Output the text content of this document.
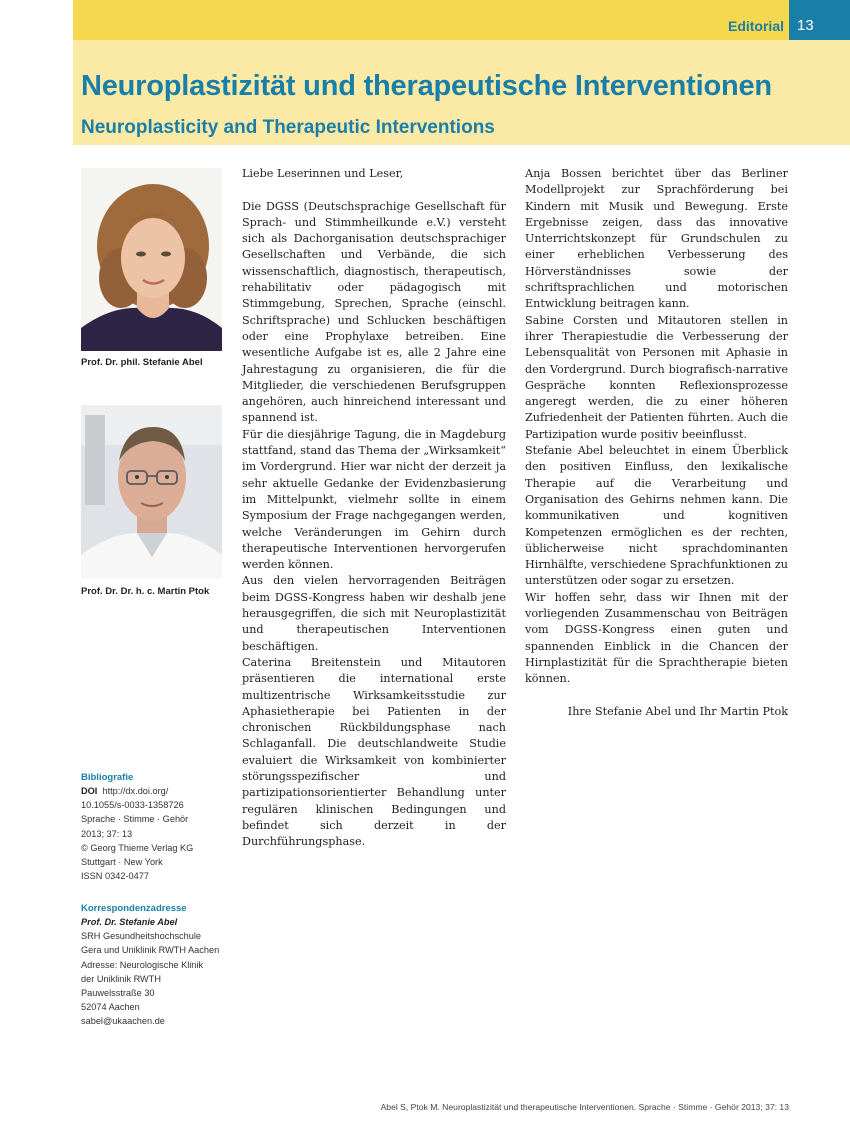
Editorial 13
Neuroplastizität und therapeutische Interventionen
Neuroplasticity and Therapeutic Interventions
Prof. Dr. phil. Stefanie Abel
Prof. Dr. Dr. h. c. Martin Ptok

Liebe Leserinnen und Leser,

Die DGSS (Deutschsprachige Gesellschaft für Sprach- und Stimmheilkunde e.V.) versteht sich als Dachorganisation deutschsprachiger Gesellschaften und Verbände, die sich wissenschaftlich, diagnostisch, therapeutisch, rehabilitativ oder pädagogisch mit Stimmgebung, Sprechen, Sprache (einschl. Schriftsprache) und Schlucken beschäftigen oder eine Prophylaxe betreiben. Eine wesentliche Aufgabe ist es, alle 2 Jahre eine Jahrestagung zu organisieren, die für die Mitglieder, die verschiedenen Berufsgruppen angehören, auch hinreichend interessant und spannend ist.

Für die diesjährige Tagung, die in Magdeburg stattfand, stand das Thema der „Wirksamkeit“ im Vordergrund. Hier war nicht der derzeit ja sehr aktuelle Gedanke der Evidenzbasierung im Mittelpunkt, vielmehr sollte in einem Symposium der Frage nachgegangen werden, welche Veränderungen im Gehirn durch therapeutische Interventionen hervorgerufen werden können.

Aus den vielen hervorragenden Beiträgen beim DGSS-Kongress haben wir deshalb jene herausgegriffen, die sich mit Neuroplastizität und therapeutischen Interventionen beschäftigen.

Caterina Breitenstein und Mitautoren präsentieren die international erste multizentrische Wirksamkeitsstudie zur Aphasietherapie bei Patienten in der chronischen Rückbildungsphase nach Schlaganfall. Die deutschlandweite Studie evaluiert die Wirksamkeit von kombinierter störungsspezifischer und partizipationsorientierter Behandlung unter regulären klinischen Bedingungen und befindet sich derzeit in der Durchführungsphase.

Anja Bossen berichtet über das Berliner Modellprojekt zur Sprachförderung bei Kindern mit Musik und Bewegung. Erste Ergebnisse zeigen, dass das innovative Unterrichtskonzept für Grundschulen zu einer erheblichen Verbesserung des Hörverständnisses sowie der schriftsprachlichen und motorischen Entwicklung beitragen kann.

Sabine Corsten und Mitautoren stellen in ihrer Therapiestudie die Verbesserung der Lebensqualität von Personen mit Aphasie in den Vordergrund. Durch biografisch-narrative Gespräche konnten Reflexionsprozesse angeregt werden, die zu einer höheren Zufriedenheit der Patienten führten. Auch die Partizipation wurde positiv beeinflusst.

Stefanie Abel beleuchtet in einem Überblick den positiven Einfluss, den lexikalische Therapie auf die Verarbeitung und Organisation des Gehirns nehmen kann. Die kommunikativen und kognitiven Kompetenzen ermöglichen es der rechten, üblicherweise nicht sprachdominanten Hirnhälfte, verschiedene Sprachfunktionen zu unterstützen oder sogar zu ersetzen.

Wir hoffen sehr, dass wir Ihnen mit der vorliegenden Zusammenschau von Beiträgen vom DGSS-Kongress einen guten und spannenden Einblick in die Chancen der Hirnplastizität für die Sprachtherapie bieten können.

Ihre Stefanie Abel und Ihr Martin Ptok

Bibliografie
DOI http://dx.doi.org/
10.1055/s-0033-1358726
Sprache · Stimme · Gehör
2013; 37: 13
© Georg Thieme Verlag KG
Stuttgart · New York
ISSN 0342-0477
Korrespondenzadresse
Prof. Dr. Stefanie Abel
SRH Gesundheitshochschule
Gera und Uniklinik RWTH Aachen
Adresse: Neurologische Klinik
der Uniklinik RWTH
Pauwelsstraße 30
52074 Aachen
sabel@ukaachen.de
Abel S, Ptok M. Neuroplastizität und therapeutische Interventionen. Sprache · Stimme · Gehör 2013; 37: 13
